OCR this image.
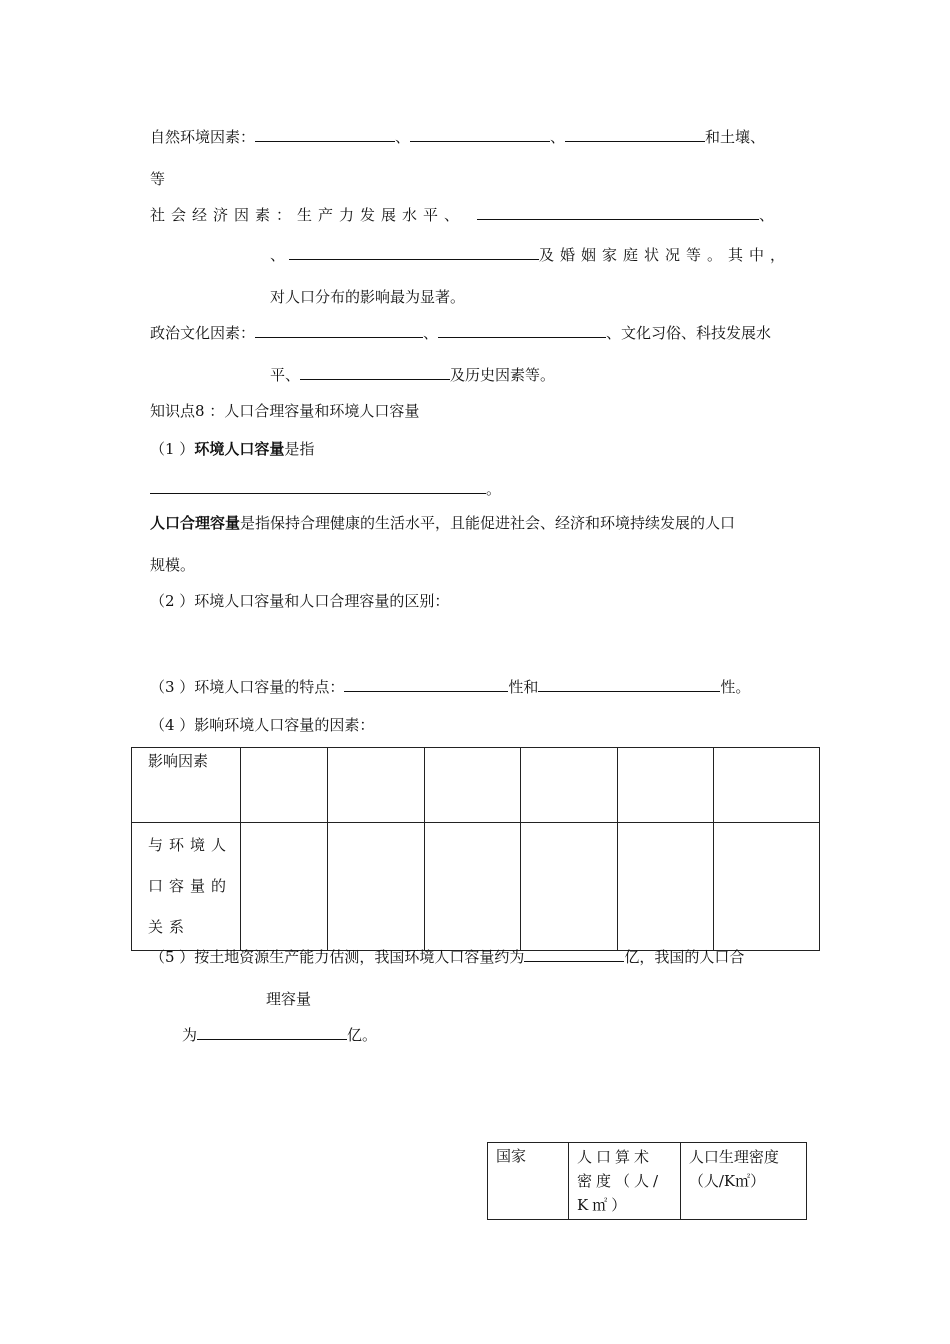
自然环境因素：	、	、	和土壤、
等
社会经济因素：生产力发展水平、	、
、	及婚姻家庭状况等。其中，
对人口分布的影响最为显著。
政治文化因素：	、	、文化习俗、科技发展水
平、	及历史因素等。
知识点8 ：人口合理容量和环境人口容量
（1 ）环境人口容量是指
。
人口合理容量是指保持合理健康的生活水平，且能促进社会、经济和环境持续发展的人口
规模。
（2 ）环境人口容量和人口合理容量的区别：
（3 ）环境人口容量的特点：	性和	性。
（4 ）影响环境人口容量的因素：
影响因素						
与环境人口容量的关系						
（5 ）按土地资源生产能力估测，我国环境人口容量约为	亿，我国的人口合
理容量
为	亿。
国家	人口算术密度（人/K㎡）	人口生理密度（人/K㎡）
